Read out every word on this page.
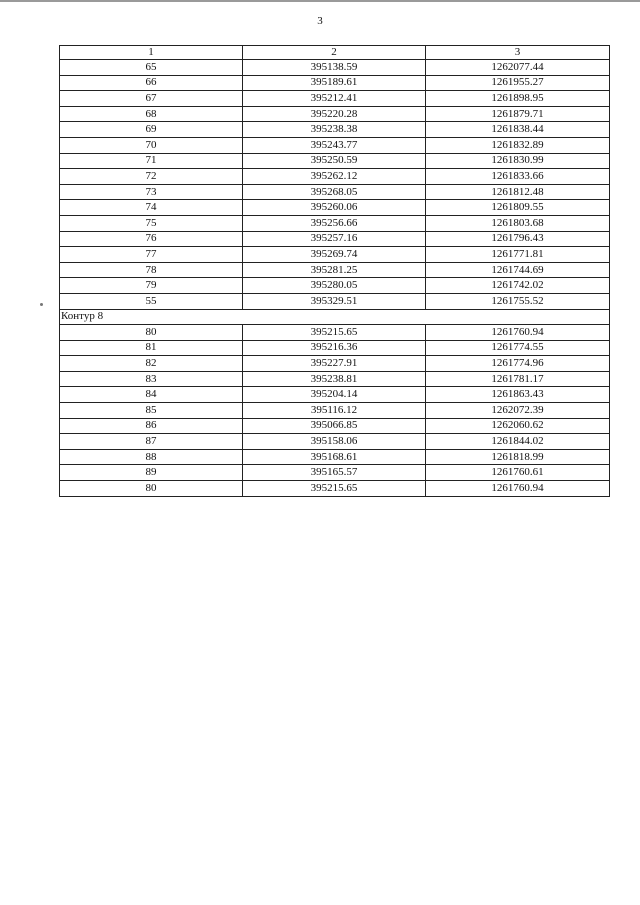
3
1	2	3
65	395138.59	1262077.44
66	395189.61	1261955.27
67	395212.41	1261898.95
68	395220.28	1261879.71
69	395238.38	1261838.44
70	395243.77	1261832.89
71	395250.59	1261830.99
72	395262.12	1261833.66
73	395268.05	1261812.48
74	395260.06	1261809.55
75	395256.66	1261803.68
76	395257.16	1261796.43
77	395269.74	1261771.81
78	395281.25	1261744.69
79	395280.05	1261742.02
55	395329.51	1261755.52
Контур 8		
80	395215.65	1261760.94
81	395216.36	1261774.55
82	395227.91	1261774.96
83	395238.81	1261781.17
84	395204.14	1261863.43
85	395116.12	1262072.39
86	395066.85	1262060.62
87	395158.06	1261844.02
88	395168.61	1261818.99
89	395165.57	1261760.61
80	395215.65	1261760.94
